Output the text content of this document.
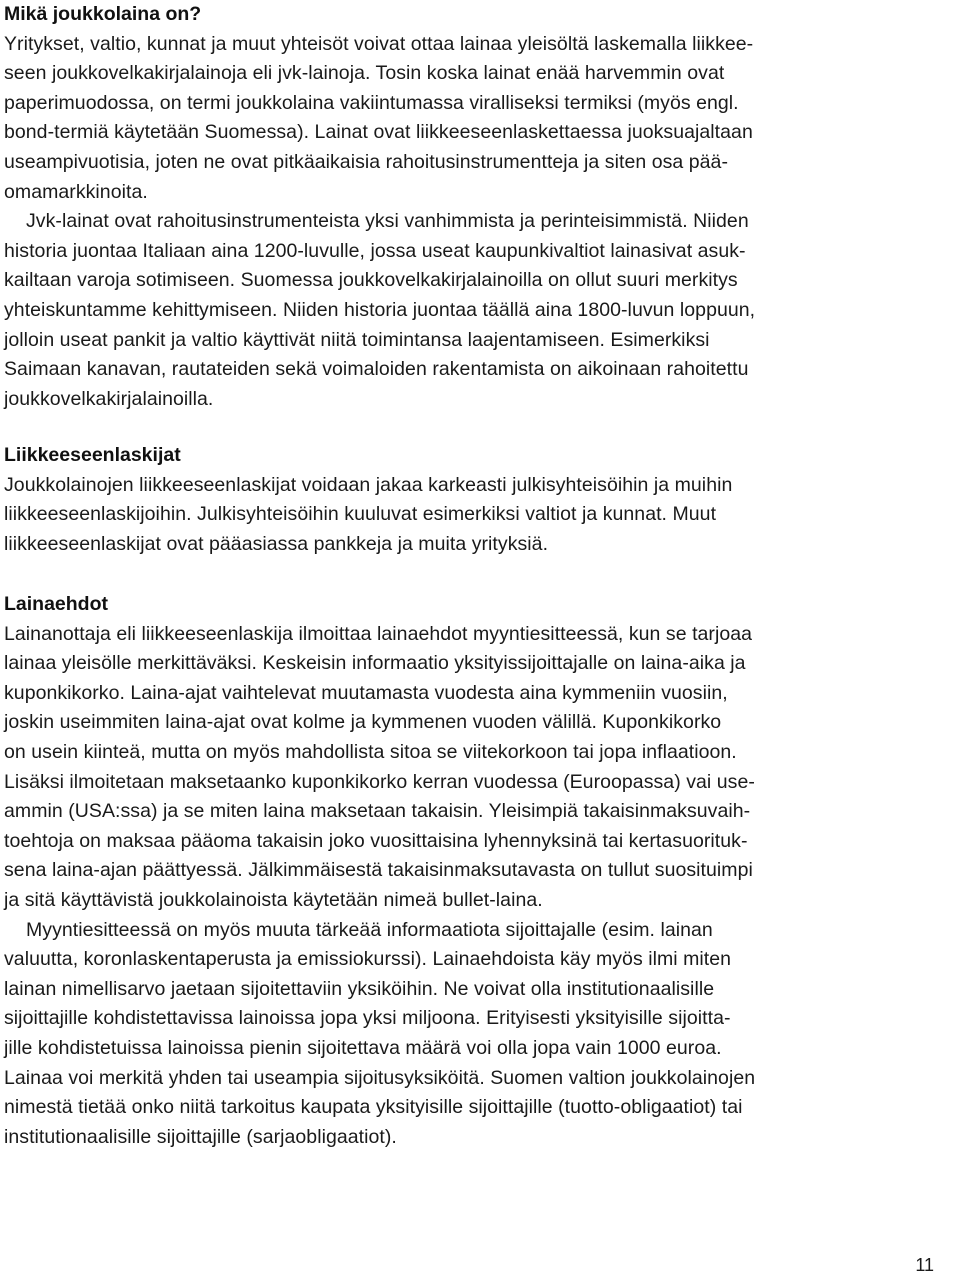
Mikä joukkolaina on?
Yritykset, valtio, kunnat ja muut yhteisöt voivat ottaa lainaa yleisöltä laskemalla liikkee-
seen joukkovelkakirjalainoja eli jvk-lainoja. Tosin koska lainat enää harvemmin ovat
paperimuodossa, on termi joukkolaina vakiintumassa viralliseksi termiksi (myös engl.
bond-termiä käytetään Suomessa). Lainat ovat liikkeeseenlaskettaessa juoksuajaltaan
useampivuotisia, joten ne ovat pitkäaikaisia rahoitusinstrumentteja ja siten osa pää-
omamarkkinoita.
Jvk-lainat ovat rahoitusinstrumenteista yksi vanhimmista ja perinteisimmistä. Niiden
historia juontaa Italiaan aina 1200-luvulle, jossa useat kaupunkivaltiot lainasivat asuk-
kailtaan varoja sotimiseen. Suomessa joukkovelkakirjalainoilla on ollut suuri merkitys
yhteiskuntamme kehittymiseen. Niiden historia juontaa täällä aina 1800-luvun loppuun,
jolloin useat pankit ja valtio käyttivät niitä toimintansa laajentamiseen. Esimerkiksi
Saimaan kanavan, rautateiden sekä voimaloiden rakentamista on aikoinaan rahoitettu
joukkovelkakirjalainoilla.
Liikkeeseenlaskijat
Joukkolainojen liikkeeseenlaskijat voidaan jakaa karkeasti julkisyhteisöihin ja muihin
liikkeeseenlaskijoihin. Julkisyhteisöihin kuuluvat esimerkiksi valtiot ja kunnat. Muut
liikkeeseenlaskijat ovat pääasiassa pankkeja ja muita yrityksiä.
Lainaehdot
Lainanottaja eli liikkeeseenlaskija ilmoittaa lainaehdot myyntiesitteessä, kun se tarjoaa
lainaa yleisölle merkittäväksi. Keskeisin informaatio yksityissijoittajalle on laina-aika ja
kuponkikorko. Laina-ajat vaihtelevat muutamasta vuodesta aina kymmeniin vuosiin,
joskin useimmiten laina-ajat ovat kolme ja kymmenen vuoden välillä. Kuponkikorko
on usein kiinteä, mutta on myös mahdollista sitoa se viitekorkoon tai jopa inflaatioon.
Lisäksi ilmoitetaan maksetaanko kuponkikorko kerran vuodessa (Euroopassa) vai use-
ammin (USA:ssa) ja se miten laina maksetaan takaisin. Yleisimpiä takaisinmaksuvaih-
toehtoja on maksaa pääoma takaisin joko vuosittaisina lyhennyksinä tai kertasuorituk-
sena laina-ajan päättyessä. Jälkimmäisestä takaisinmaksutavasta on tullut suosituimpi
ja sitä käyttävistä joukkolainoista käytetään nimeä bullet-laina.
Myyntiesitteessä on myös muuta tärkeää informaatiota sijoittajalle (esim. lainan
valuutta, koronlaskentaperusta ja emissiokurssi). Lainaehdoista käy myös ilmi miten
lainan nimellisarvo jaetaan sijoitettaviin yksiköihin. Ne voivat olla institutionaalisille
sijoittajille kohdistettavissa lainoissa jopa yksi miljoona. Erityisesti yksityisille sijoitta-
jille kohdistetuissa lainoissa pienin sijoitettava määrä voi olla jopa vain 1000 euroa.
Lainaa voi merkitä yhden tai useampia sijoitusyksiköitä. Suomen valtion joukkolainojen
nimestä tietää onko niitä tarkoitus kaupata yksityisille sijoittajille (tuotto-obligaatiot) tai
institutionaalisille sijoittajille (sarjaobligaatiot).
11
